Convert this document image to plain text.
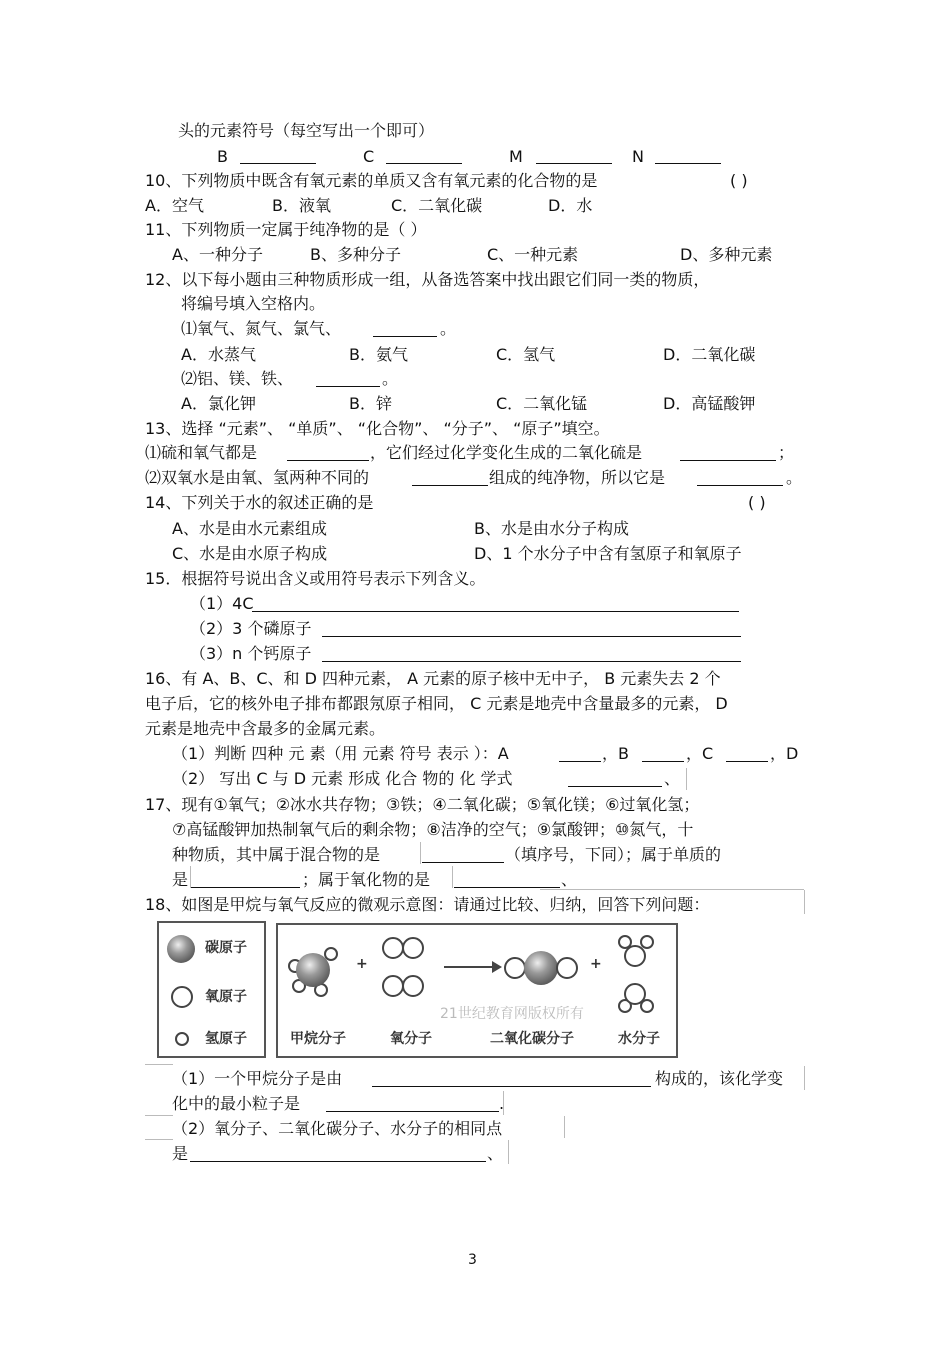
头的元素符号（每空写出一个即可）
B	C	M	N
10、下列物质中既含有氧元素的单质又含有氧元素的化合物的是	( )
A．空气	B．液氧	C．二氧化碳	D．水
11、下列物质一定属于纯净物的是（ ）
A、一种分子	B、多种分子	C、一种元素	D、多种元素
12、以下每小题由三种物质形成一组，从备选答案中找出跟它们同一类的物质，
将编号填入空格内。
⑴氧气、氮气、氯气、	。
A．水蒸气	B．氨气	C．氢气	D．二氧化碳
⑵铝、镁、铁、	。
A．氯化钾	B．锌	C．二氧化锰	D．高锰酸钾
13、选择 “元素”、 “单质”、 “化合物”、 “分子”、 “原子”填空。
⑴硫和氧气都是	，它们经过化学变化生成的二氧化硫是	；
⑵双氧水是由氧、氢两种不同的	组成的纯净物，所以它是	。
14、下列关于水的叙述正确的是	( )
A、水是由水元素组成	B、水是由水分子构成
C、水是由水原子构成	D、1 个水分子中含有氢原子和氧原子
15．根据符号说出含义或用符号表示下列含义。
（1）4C
（2）3 个磷原子
（3）n 个钙原子
16、有 A、B、C、和 D 四种元素， A 元素的原子核中无中子， B 元素失去 2 个
电子后，它的核外电子排布都跟氖原子相同， C 元素是地壳中含量最多的元素， D
元素是地壳中含最多的金属元素。
（1）判断 四种 元 素（用 元素 符号 表示 ）：A	，B	，C	，D
（2） 写出 C 与 D 元素 形成 化合 物的 化 学式	、
17、现有①氧气；②冰水共存物；③铁；④二氧化碳；⑤氧化镁；⑥过氧化氢；
⑦高锰酸钾加热制氧气后的剩余物；⑧洁净的空气；⑨氯酸钾；⑩氮气，十
种物质，其中属于混合物的是	（填序号，下同）；属于单质的
是	；属于氧化物的是	、
18、如图是甲烷与氧气反应的微观示意图：请通过比较、归纳，回答下列问题：
碳原子
氧原子
氢原子
+	+
21世纪教育网版权所有
甲烷分子	氧分子	二氧化碳分子	水分子
（1）一个甲烷分子是由	构成的，该化学变
化中的最小粒子是	.
（2）氧分子、二氧化碳分子、水分子的相同点
是	、
3
